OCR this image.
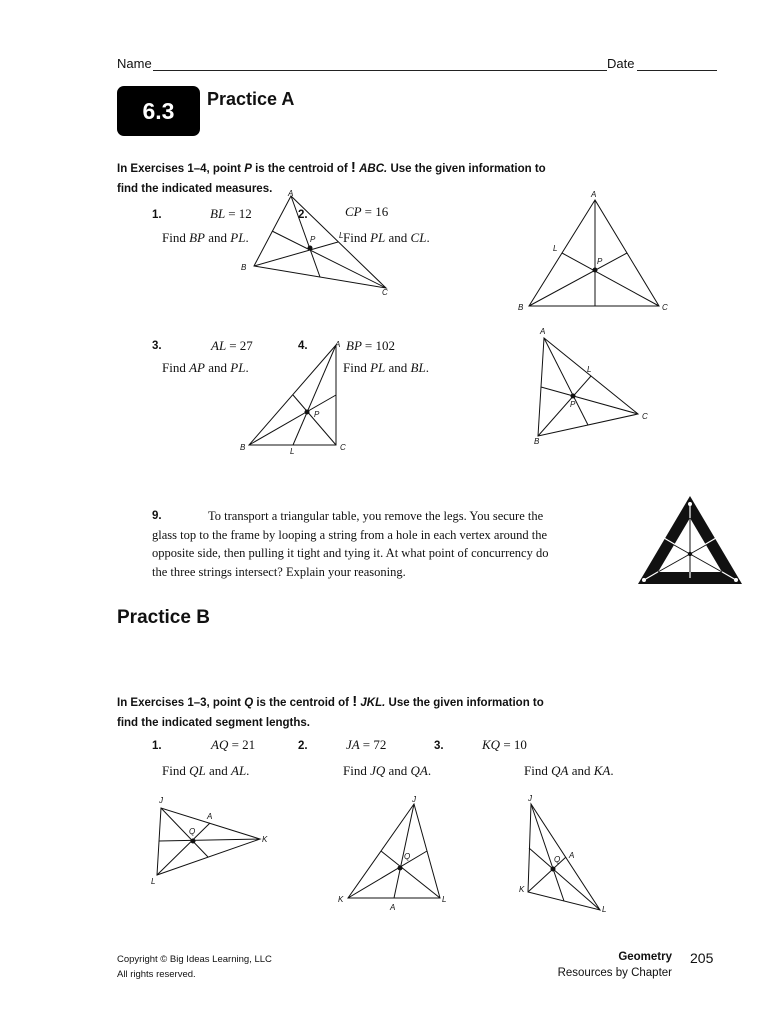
Name	Date
6.3	Practice A
In Exercises 1–4, point P is the centroid of ! ABC. Use the given information to
find the indicated measures.
1.	BL = 12
Find BP and PL.
2.	CP = 16
Find PL and CL.
3.	AL = 27
Find AP and PL.
4.	BP = 102
Find PL and BL.
A
B
C
L
P
A
B	C
L
P
A
B	C
L
P
A
B
C
L
P
9.	To transport a triangular table, you remove the legs. You secure the
glass top to the frame by looping a string from a hole in each vertex around the
opposite side, then pulling it tight and tying it. At what point of concurrency do
the three strings intersect? Explain your reasoning.
Practice B
In Exercises 1–3, point Q is the centroid of ! JKL. Use the given information to
find the indicated segment lengths.
1.	AQ = 21
Find QL and AL.
2.	JA = 72
Find JQ and QA.
3.	KQ = 10
Find QA and KA.
J
K
L
A
Q
J
K	L
A
Q
J
K
L
A
Q
Copyright © Big Ideas Learning, LLC
All rights reserved.
Geometry
Resources by Chapter
205
